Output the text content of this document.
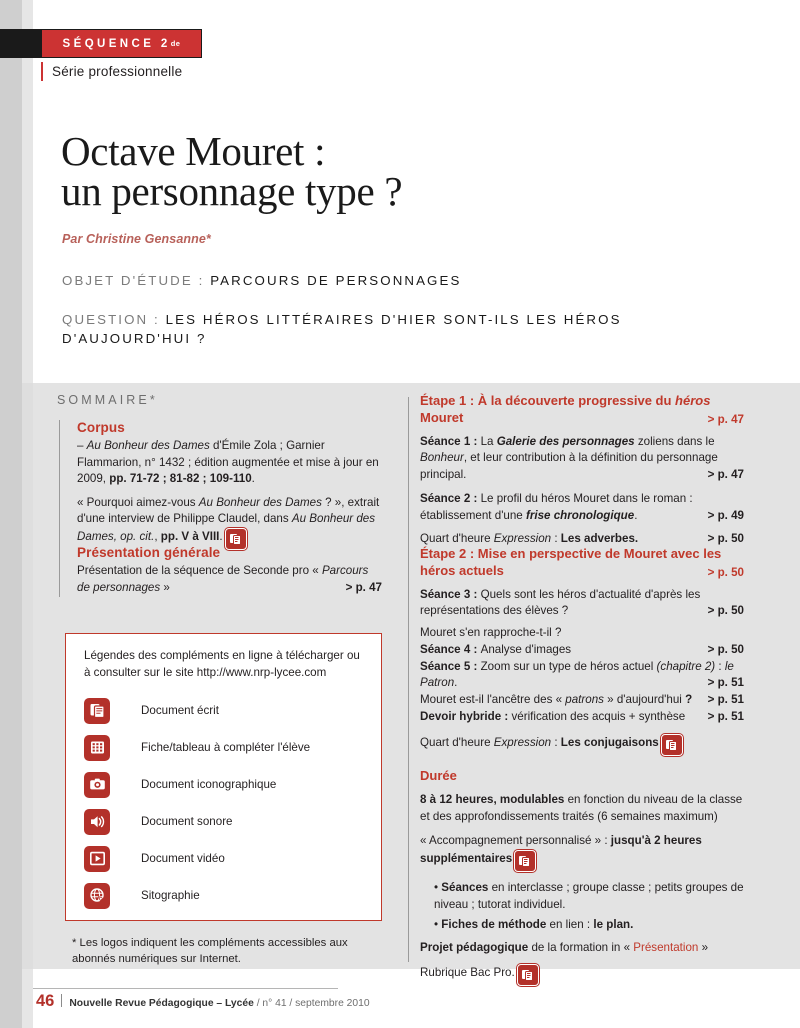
SÉQUENCE 2 de
Série professionnelle
Octave Mouret :
un personnage type ?
Par Christine Gensanne*
OBJET D'ÉTUDE : PARCOURS DE PERSONNAGES
QUESTION : LES HÉROS LITTÉRAIRES D'HIER SONT-ILS LES HÉROS D'AUJOURD'HUI ?
SOMMAIRE*
Corpus
– Au Bonheur des Dames d'Émile Zola ; Garnier Flammarion, n° 1432 ; édition augmentée et mise à jour en 2009, pp. 71-72 ; 81-82 ; 109-110.
« Pourquoi aimez-vous Au Bonheur des Dames ? », extrait d'une interview de Philippe Claudel, dans Au Bonheur des Dames, op. cit., pp. V à VIII.
Présentation générale
Présentation de la séquence de Seconde pro « Parcours de personnages »	> p. 47
Légendes des compléments en ligne à télécharger ou à consulter sur le site http://www.nrp-lycee.com
Document écrit
Fiche/tableau à compléter l'élève
Document iconographique
Document sonore
Document vidéo
Sitographie
* Les logos indiquent les compléments accessibles aux abonnés numériques sur Internet.
Étape 1 : À la découverte progressive du héros Mouret	> p. 47
Séance 1 : La Galerie des personnages zoliens dans le Bonheur, et leur contribution à la définition du personnage principal.	> p. 47
Séance 2 : Le profil du héros Mouret dans le roman : établissement d'une frise chronologique.	> p. 49
Quart d'heure Expression : Les adverbes.	> p. 50
Étape 2 : Mise en perspective de Mouret avec les héros actuels	> p. 50
Séance 3 : Quels sont les héros d'actualité d'après les représentations des élèves ?	> p. 50
Mouret s'en rapproche-t-il ?
Séance 4 : Analyse d'images	> p. 50
Séance 5 : Zoom sur un type de héros actuel (chapitre 2) : le Patron.	> p. 51
Mouret est-il l'ancêtre des « patrons » d'aujourd'hui ? > p. 51
Devoir hybride : vérification des acquis + synthèse > p. 51
Quart d'heure Expression : Les conjugaisons
Durée
8 à 12 heures, modulables en fonction du niveau de la classe et des approfondissements traités (6 semaines maximum)
« Accompagnement personnalisé » : jusqu'à 2 heures supplémentaires
• Séances en interclasse ; groupe classe ; petits groupes de niveau ; tutorat individuel.
• Fiches de méthode en lien : le plan.
Projet pédagogique de la formation in « Présentation »
Rubrique Bac Pro.
46 Nouvelle Revue Pédagogique – Lycée / n° 41 / septembre 2010
